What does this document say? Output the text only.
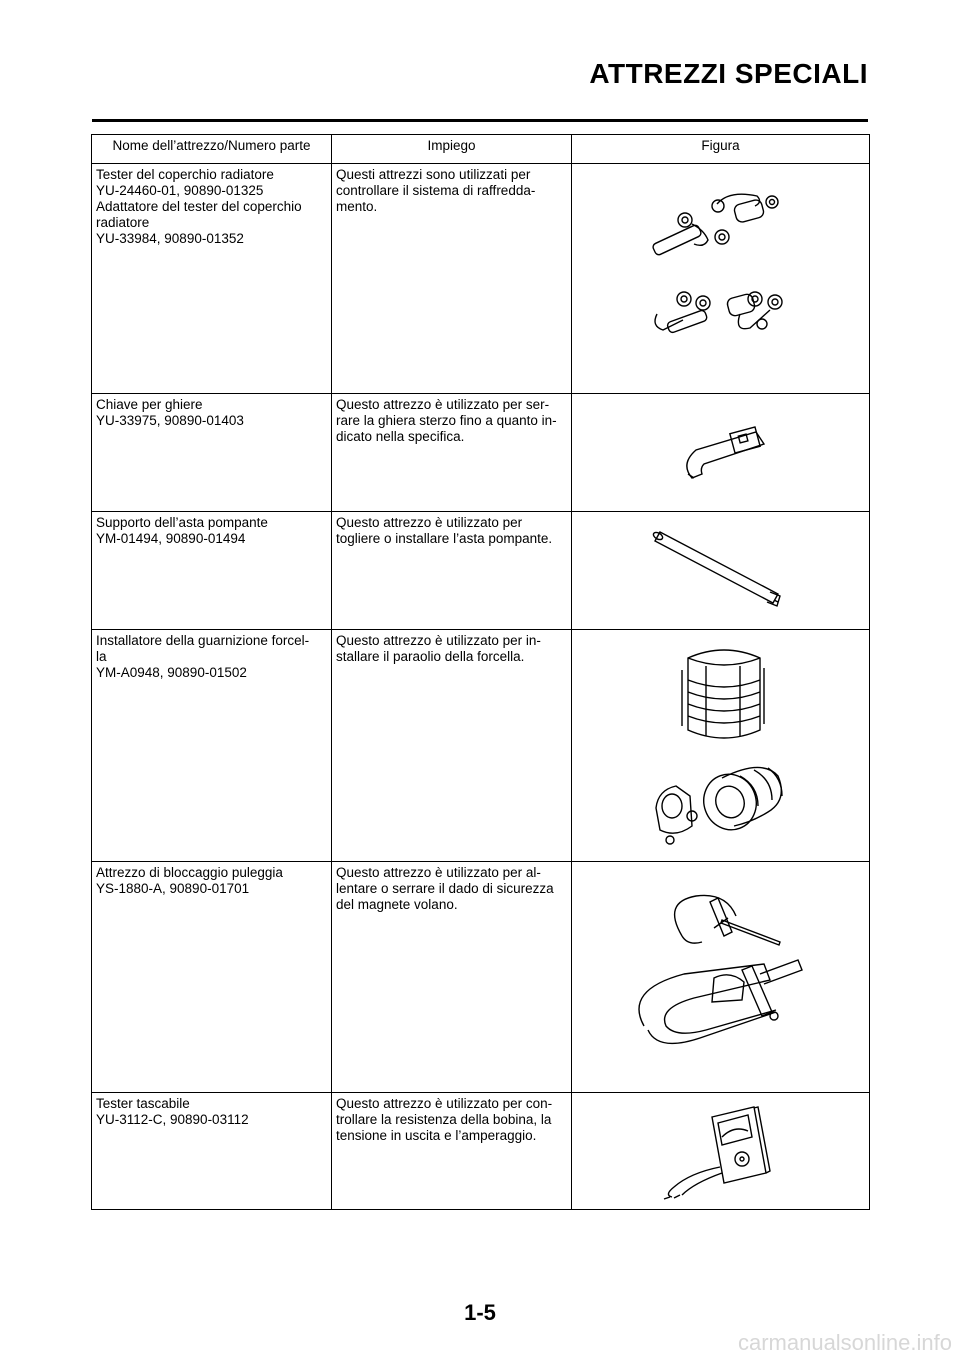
ATTREZZI SPECIALI
Nome dell’attrezzo/Numero parte	Impiego	Figura

Tester del coperchio radiatore
YU-24460-01, 90890-01325
Adattatore del tester del coperchio
radiatore
YU-33984, 90890-01352	Questi attrezzi sono utilizzati per
controllare il sistema di raffredda-
mento.

Chiave per ghiere
YU-33975, 90890-01403	Questo attrezzo è utilizzato per ser-
rare la ghiera sterzo fino a quanto in-
dicato nella specifica.

Supporto dell’asta pompante
YM-01494, 90890-01494	Questo attrezzo è utilizzato per
togliere o installare l’asta pompante.

Installatore della guarnizione forcel-
la
YM-A0948, 90890-01502	Questo attrezzo è utilizzato per in-
stallare il paraolio della forcella.

Attrezzo di bloccaggio puleggia
YS-1880-A, 90890-01701	Questo attrezzo è utilizzato per al-
lentare o serrare il dado di sicurezza
del magnete volano.

Tester tascabile
YU-3112-C, 90890-03112	Questo attrezzo è utilizzato per con-
trollare la resistenza della bobina, la
tensione in uscita e l’amperaggio.

1-5
carmanualsonline.info
